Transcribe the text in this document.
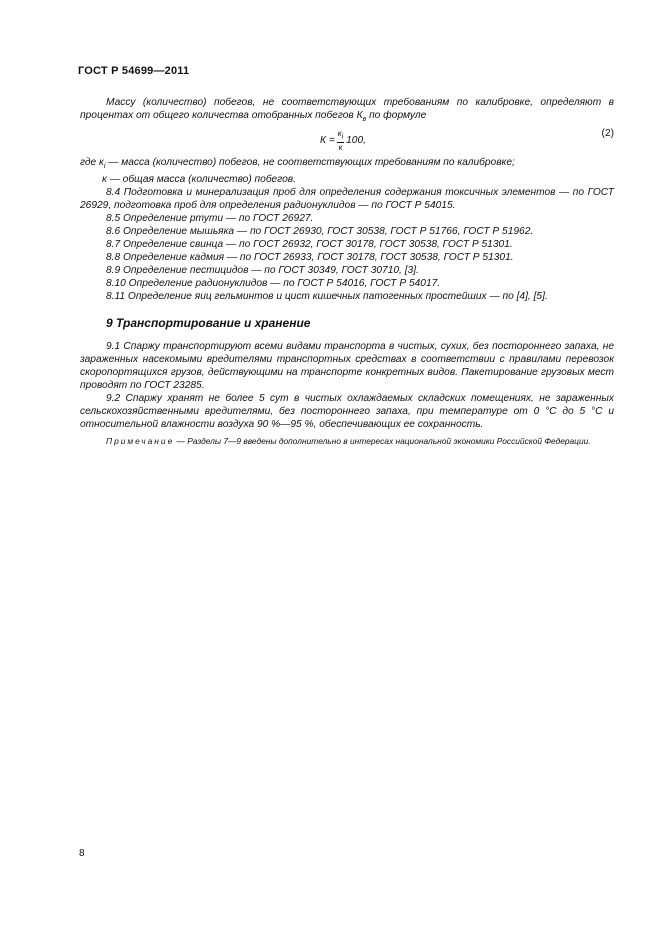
ГОСТ Р 54699—2011

Массу (количество) побегов, не соответствующих требованиям по калибровке, определяют в процентах от общего количества отобранных побегов $К_в$ по формуле

$К = \frac{к_i}{к} 100$,
(2)

где $к_i$ — масса (количество) побегов, не соответствующих требованиям по калибровке;

к — общая масса (количество) побегов.

8.4 Подготовка и минерализация проб для определения содержания токсичных элементов — по ГОСТ 26929, подготовка проб для определения радионуклидов — по ГОСТ Р 54015.

8.5 Определение ртути — по ГОСТ 26927.

8.6 Определение мышьяка — по ГОСТ 26930, ГОСТ 30538, ГОСТ Р 51766, ГОСТ Р 51962.

8.7 Определение свинца — по ГОСТ 26932, ГОСТ 30178, ГОСТ 30538, ГОСТ Р 51301.

8.8 Определение кадмия — по ГОСТ 26933, ГОСТ 30178, ГОСТ 30538, ГОСТ Р 51301.

8.9 Определение пестицидов — по ГОСТ 30349, ГОСТ 30710, [3].

8.10 Определение радионуклидов — по ГОСТ Р 54016, ГОСТ Р 54017.

8.11 Определение яиц гельминтов и цист кишечных патогенных простейших — по [4], [5].

9 Транспортирование и хранение

9.1 Спаржу транспортируют всеми видами транспорта в чистых, сухих, без постороннего запаха, не зараженных насекомыми вредителями транспортных средствах в соответствии с правилами перевозок скоропортящихся грузов, действующими на транспорте конкретных видов. Пакетирование грузовых мест проводят по ГОСТ 23285.

9.2 Спаржу хранят не более 5 сут в чистых охлаждаемых складских помещениях, не зараженных сельскохозяйственными вредителями, без постороннего запаха, при температуре от 0 °С до 5 °С и относительной влажности воздуха 90 %—95 %, обеспечивающих ее сохранность.

Примечание — Разделы 7—9 введены дополнительно в интересах национальной экономики Российской Федерации.

8
